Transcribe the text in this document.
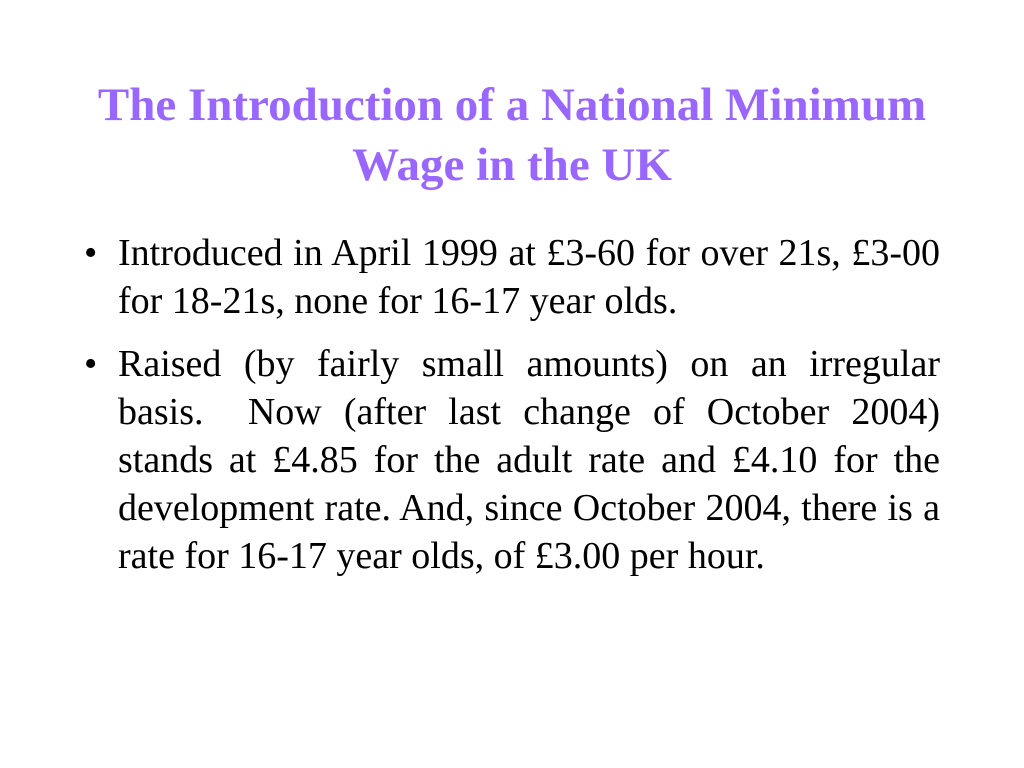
The Introduction of a National Minimum Wage in the UK
• Introduced in April 1999 at £3-60 for over 21s, £3-00 for 18-21s, none for 16-17 year olds.
• Raised (by fairly small amounts) on an irregular basis.  Now (after last change of October 2004) stands at £4.85 for the adult rate and £4.10 for the development rate. And, since October 2004, there is a rate for 16-17 year olds, of £3.00 per hour.
